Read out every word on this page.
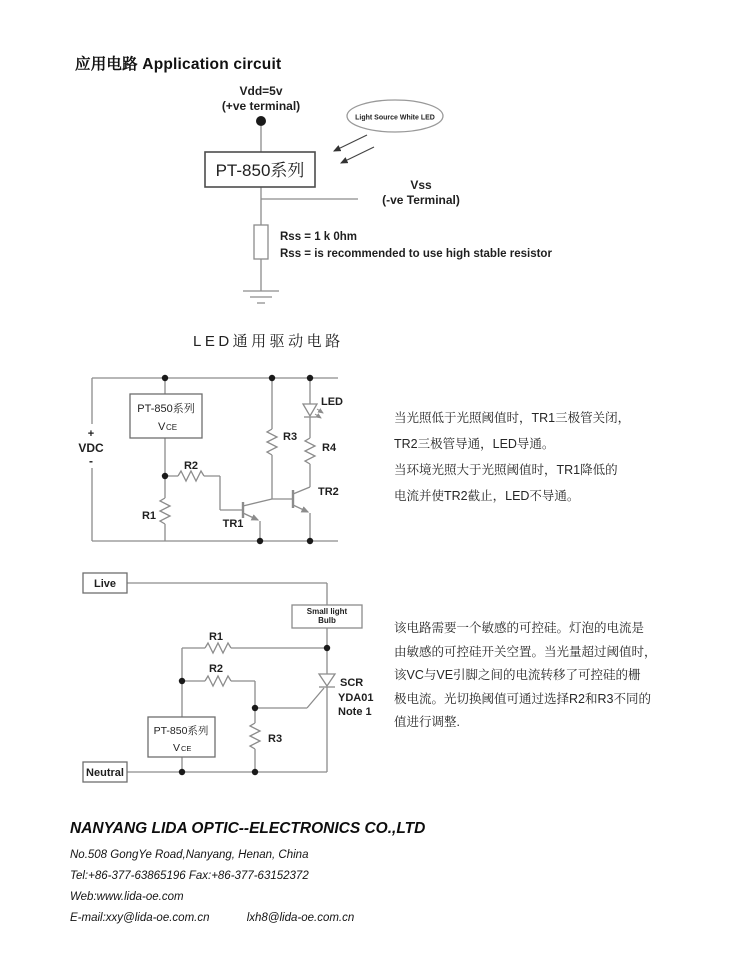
应用电路 Application circuit
Vdd=5v
(+ve terminal)
PT-850系列
Light Source White LED
Vss
(-ve Terminal)
Rss = 1 k 0hm
Rss = is recommended to use high stable resistor
LED通用驱动电路
+
VDC
-
PT-850系列
V CE
R2
R1
R3
R4
TR1
TR2
LED
当光照低于光照阈值时，TR1三极管关闭，
TR2三极管导通，LED导通。
当环境光照大于光照阈值时，TR1降低的
电流并使TR2截止，LED不导通。
Live
Small light
Bulb
R1
R2
R3
SCR
YDA01
Note 1
PT-850系列
V CE
Neutral
该电路需要一个敏感的可控硅。灯泡的电流是
由敏感的可控硅开关空置。当光量超过阈值时，
该VC与VE引脚之间的电流转移了可控硅的栅
极电流。光切换阈值可通过选择R2和R3不同的
值进行调整.
NANYANG LIDA OPTIC--ELECTRONICS CO.,LTD
No.508 GongYe Road,Nanyang, Henan, China
Tel:+86-377-63865196 Fax:+86-377-63152372
Web:www.lida-oe.com
E-mail:xxy@lida-oe.com.cn	lxh8@lida-oe.com.cn
